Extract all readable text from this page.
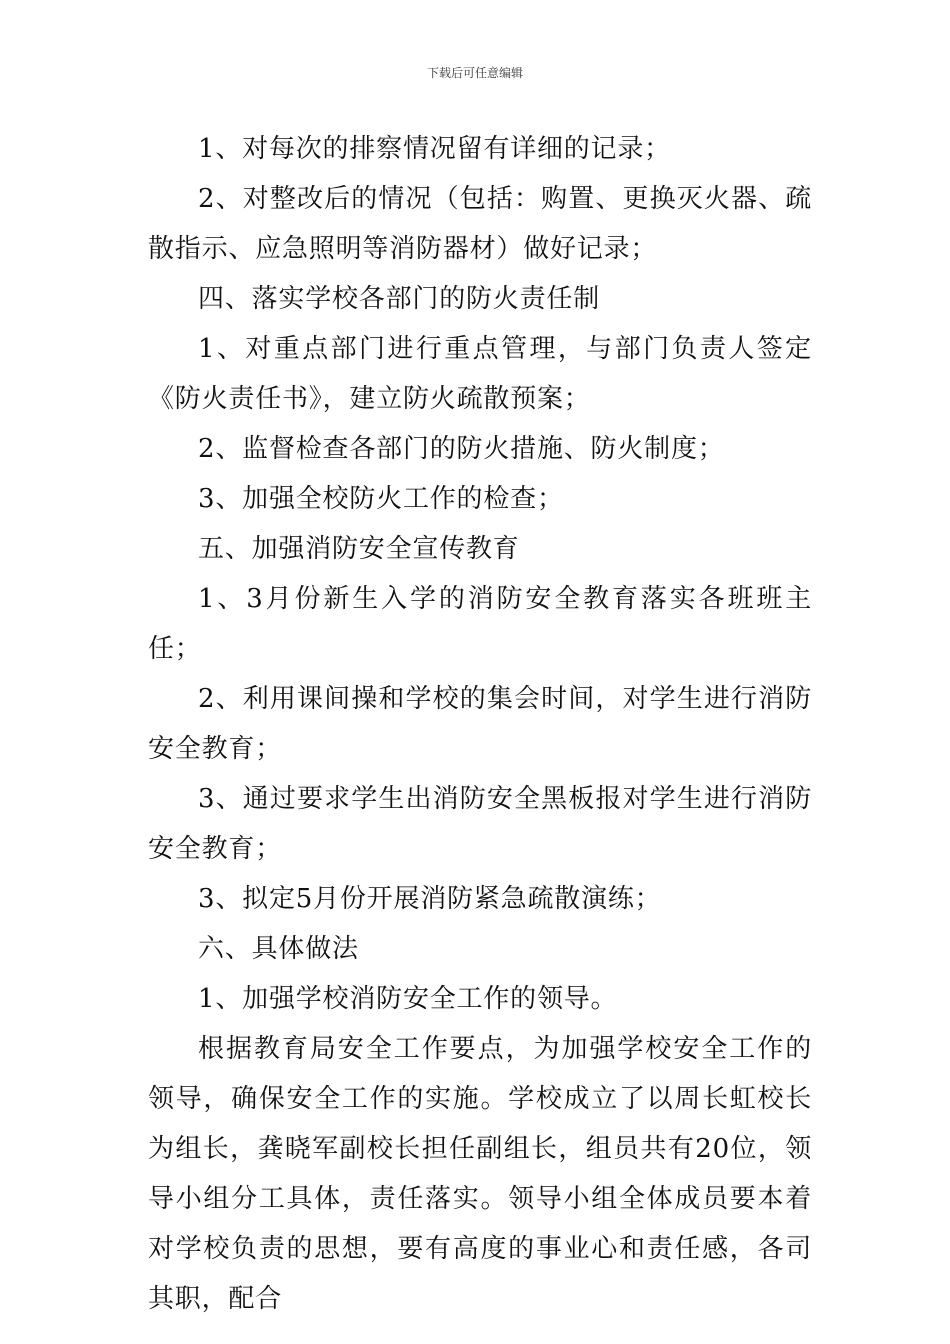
下载后可任意编辑

1、对每次的排察情况留有详细的记录；

2、对整改后的情况（包括：购置、更换灭火器、疏散指示、应急照明等消防器材）做好记录；

四、落实学校各部门的防火责任制

1、对重点部门进行重点管理，与部门负责人签定《防火责任书》，建立防火疏散预案；

2、监督检查各部门的防火措施、防火制度；

3、加强全校防火工作的检查；

五、加强消防安全宣传教育

1、3月份新生入学的消防安全教育落实各班班主任；

2、利用课间操和学校的集会时间，对学生进行消防安全教育；

3、通过要求学生出消防安全黑板报对学生进行消防安全教育；

3、拟定5月份开展消防紧急疏散演练；

六、具体做法

1、加强学校消防安全工作的领导。

根据教育局安全工作要点，为加强学校安全工作的领导，确保安全工作的实施。学校成立了以周长虹校长为组长，龚晓军副校长担任副组长，组员共有20位，领导小组分工具体，责任落实。领导小组全体成员要本着对学校负责的思想，要有高度的事业心和责任感，各司其职，配合
